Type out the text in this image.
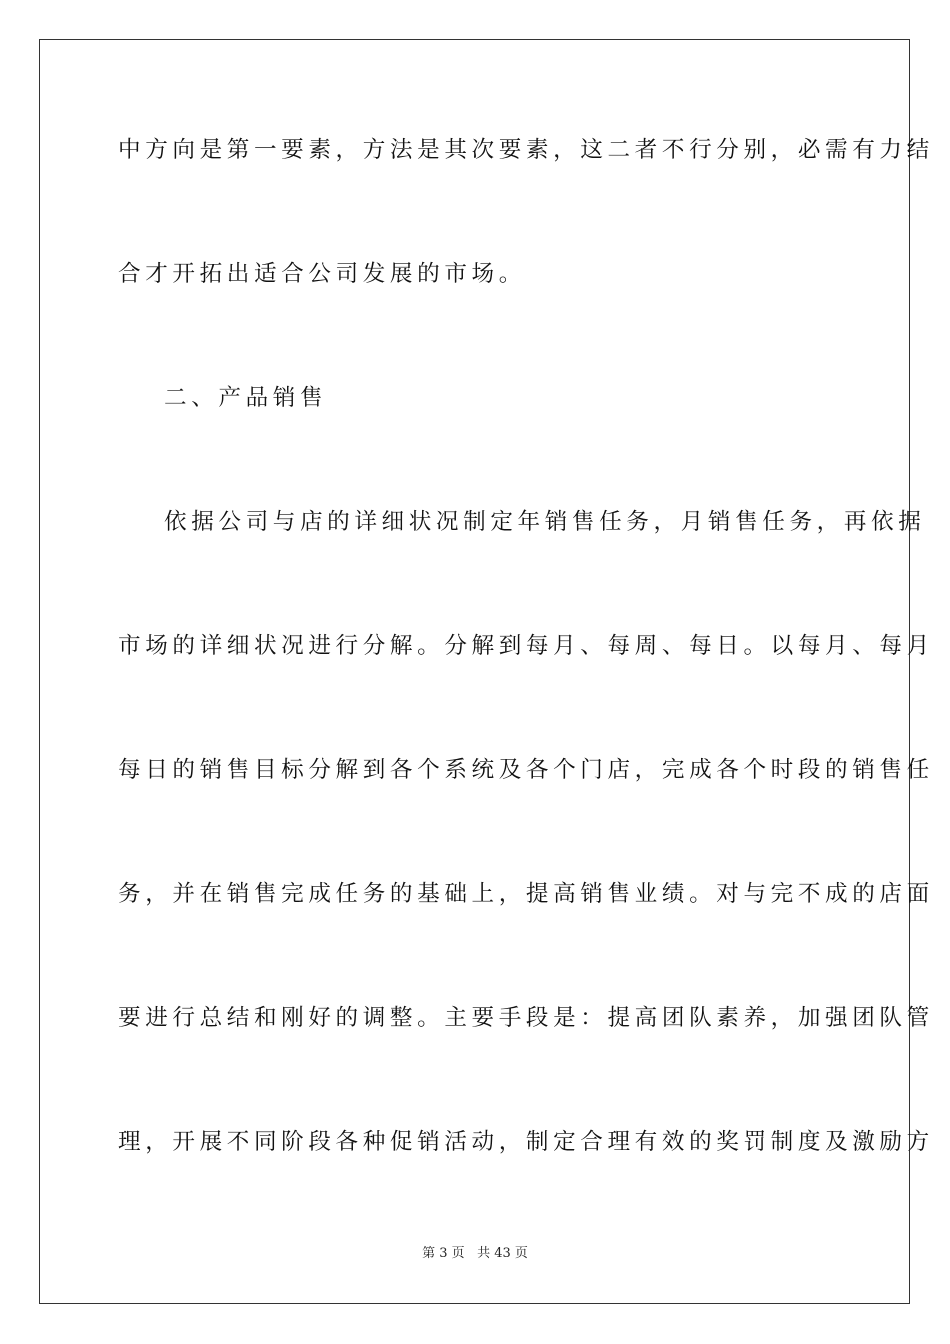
中方向是第一要素，方法是其次要素，这二者不行分别，必需有力结
合才开拓出适合公司发展的市场。
二、产品销售
依据公司与店的详细状况制定年销售任务，月销售任务，再依据
市场的详细状况进行分解。分解到每月、每周、每日。以每月、每月
每日的销售目标分解到各个系统及各个门店，完成各个时段的销售任
务，并在销售完成任务的基础上，提高销售业绩。对与完不成的店面
要进行总结和刚好的调整。主要手段是：提高团队素养，加强团队管
理，开展不同阶段各种促销活动，制定合理有效的奖罚制度及激励方
第 3 页 共 43 页
